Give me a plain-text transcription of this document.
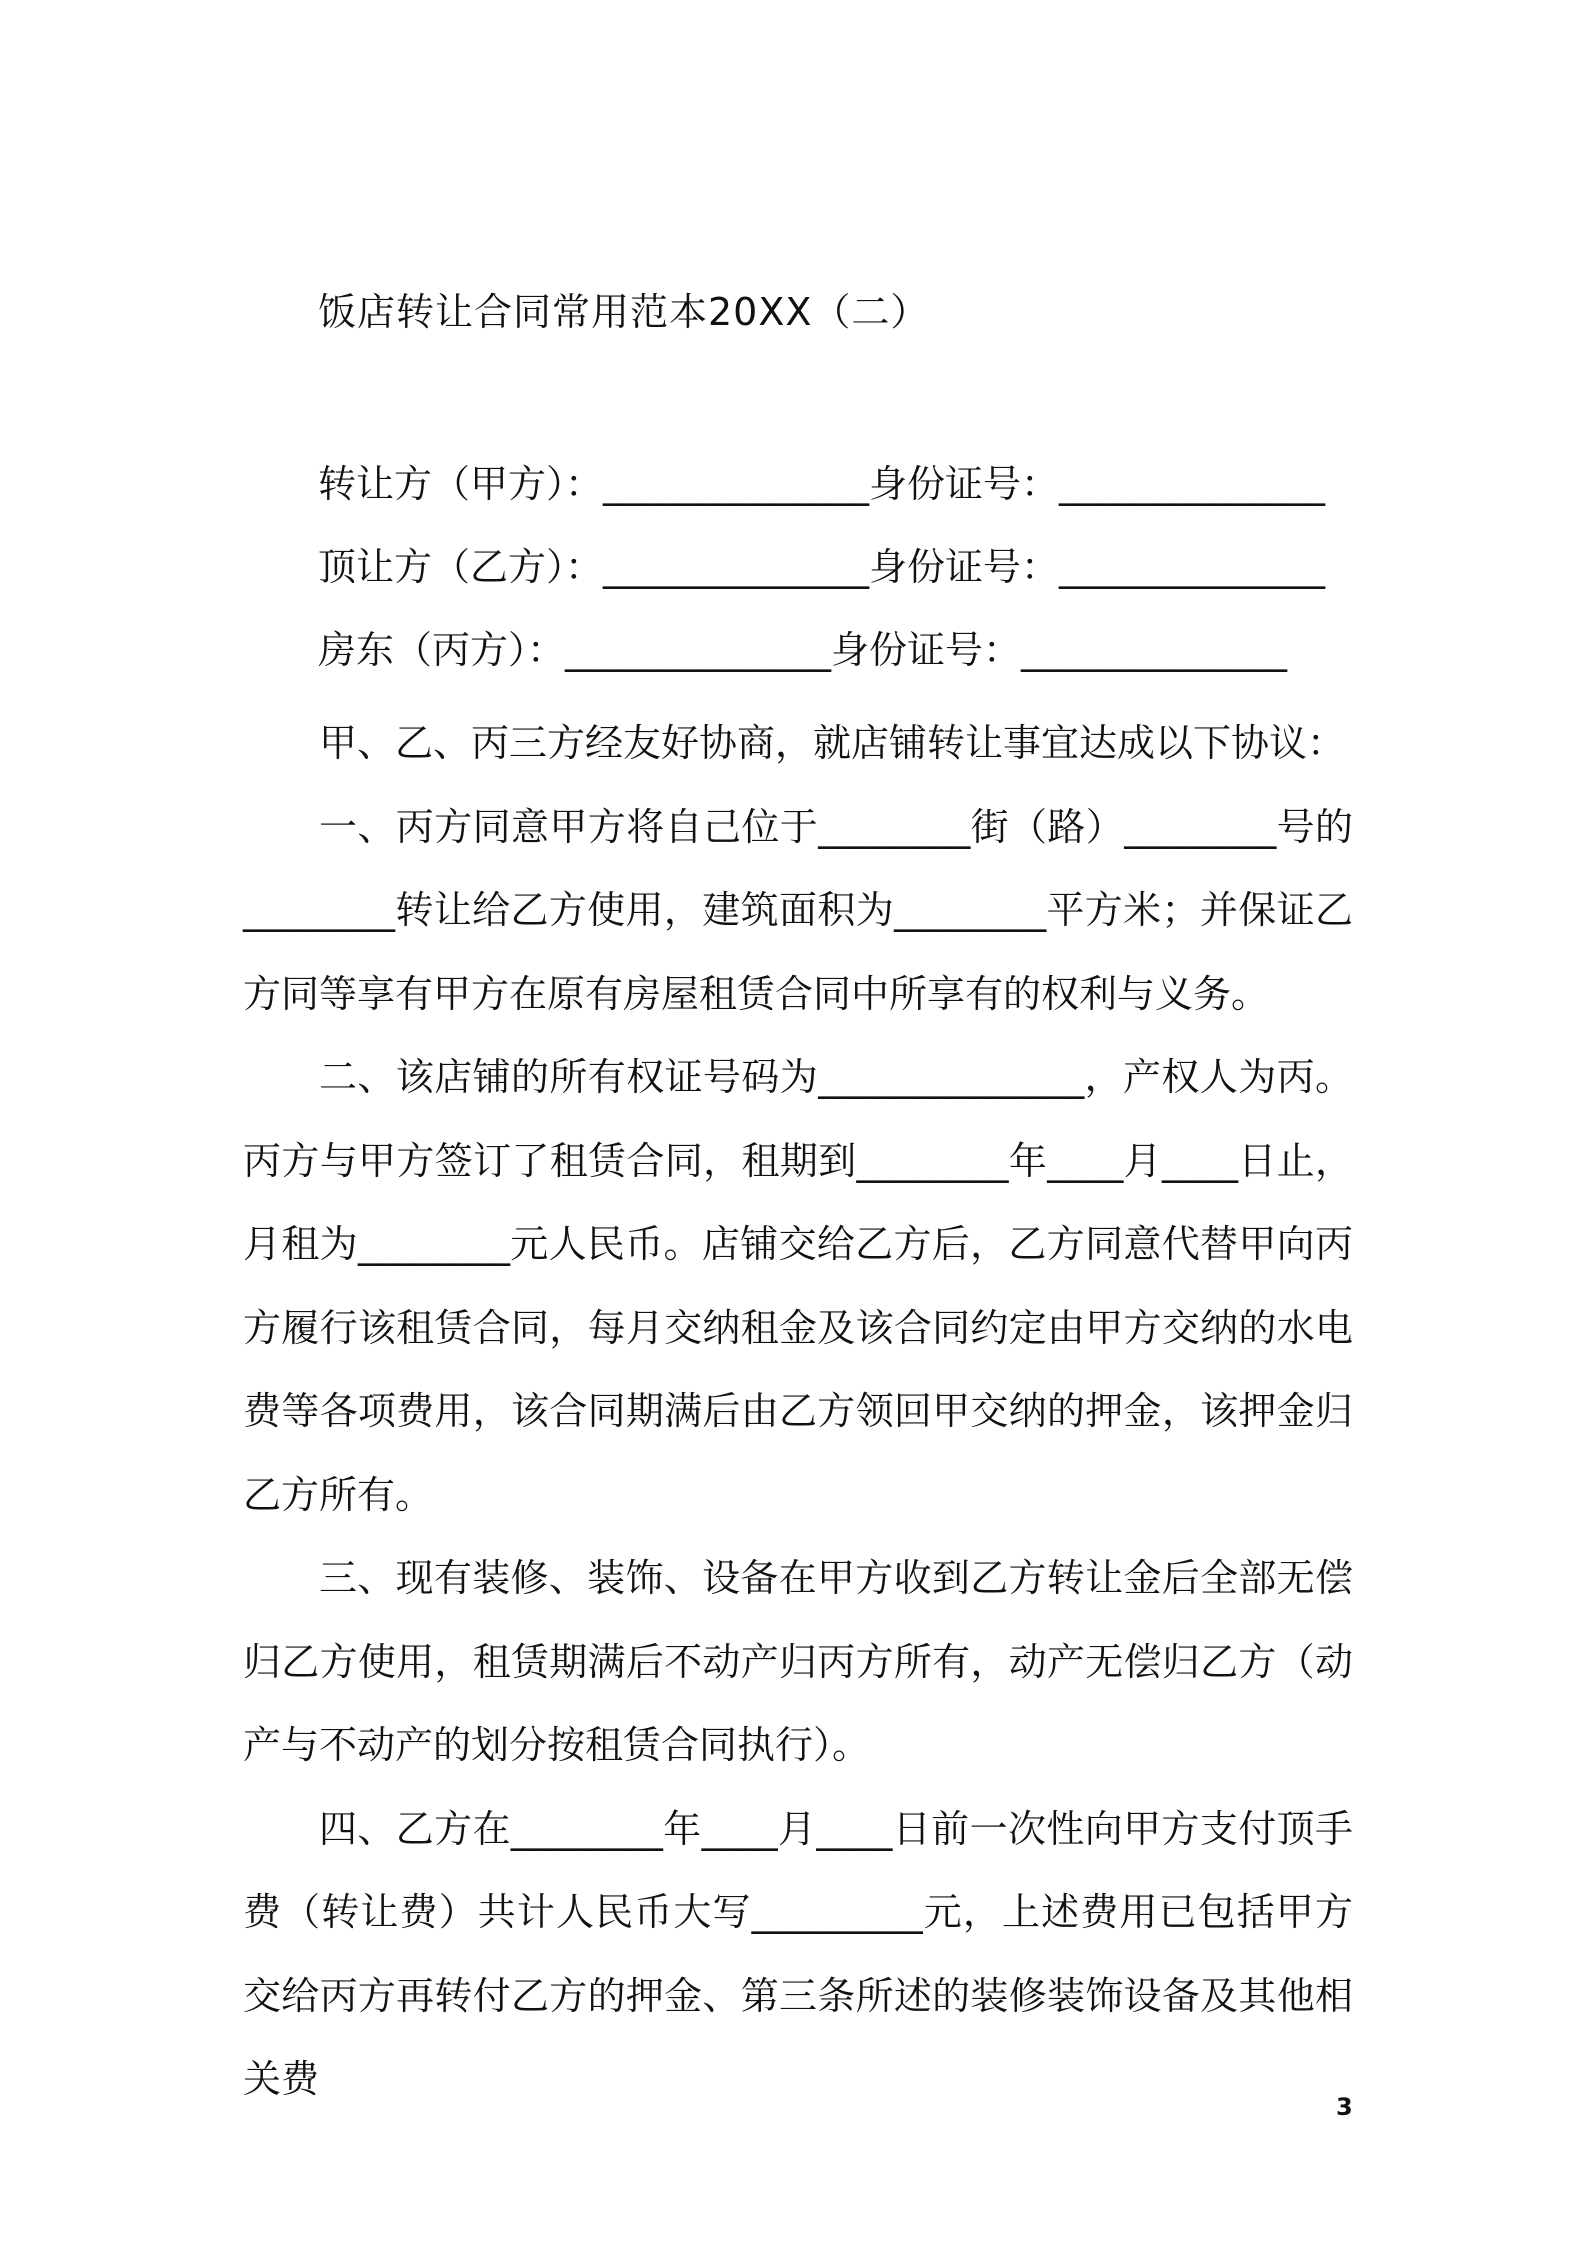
饭店转让合同常用范本20XX（二）
转让方（甲方）：______________身份证号：______________
顶让方（乙方）：______________身份证号：______________
房东（丙方）：______________身份证号：______________

甲、乙、丙三方经友好协商，就店铺转让事宜达成以下协议：

一、丙方同意甲方将自己位于________街（路）________号的________转让给乙方使用，建筑面积为________平方米；并保证乙方同等享有甲方在原有房屋租赁合同中所享有的权利与义务。

二、该店铺的所有权证号码为______________，产权人为丙。丙方与甲方签订了租赁合同，租期到________年____月____日止，月租为________元人民币。店铺交给乙方后，乙方同意代替甲向丙方履行该租赁合同，每月交纳租金及该合同约定由甲方交纳的水电费等各项费用，该合同期满后由乙方领回甲交纳的押金，该押金归乙方所有。

三、现有装修、装饰、设备在甲方收到乙方转让金后全部无偿归乙方使用，租赁期满后不动产归丙方所有，动产无偿归乙方（动产与不动产的划分按租赁合同执行）。

四、乙方在________年____月____日前一次性向甲方支付顶手费（转让费）共计人民币大写_________元，上述费用已包括甲方交给丙方再转付乙方的押金、第三条所述的装修装饰设备及其他相关费

3
